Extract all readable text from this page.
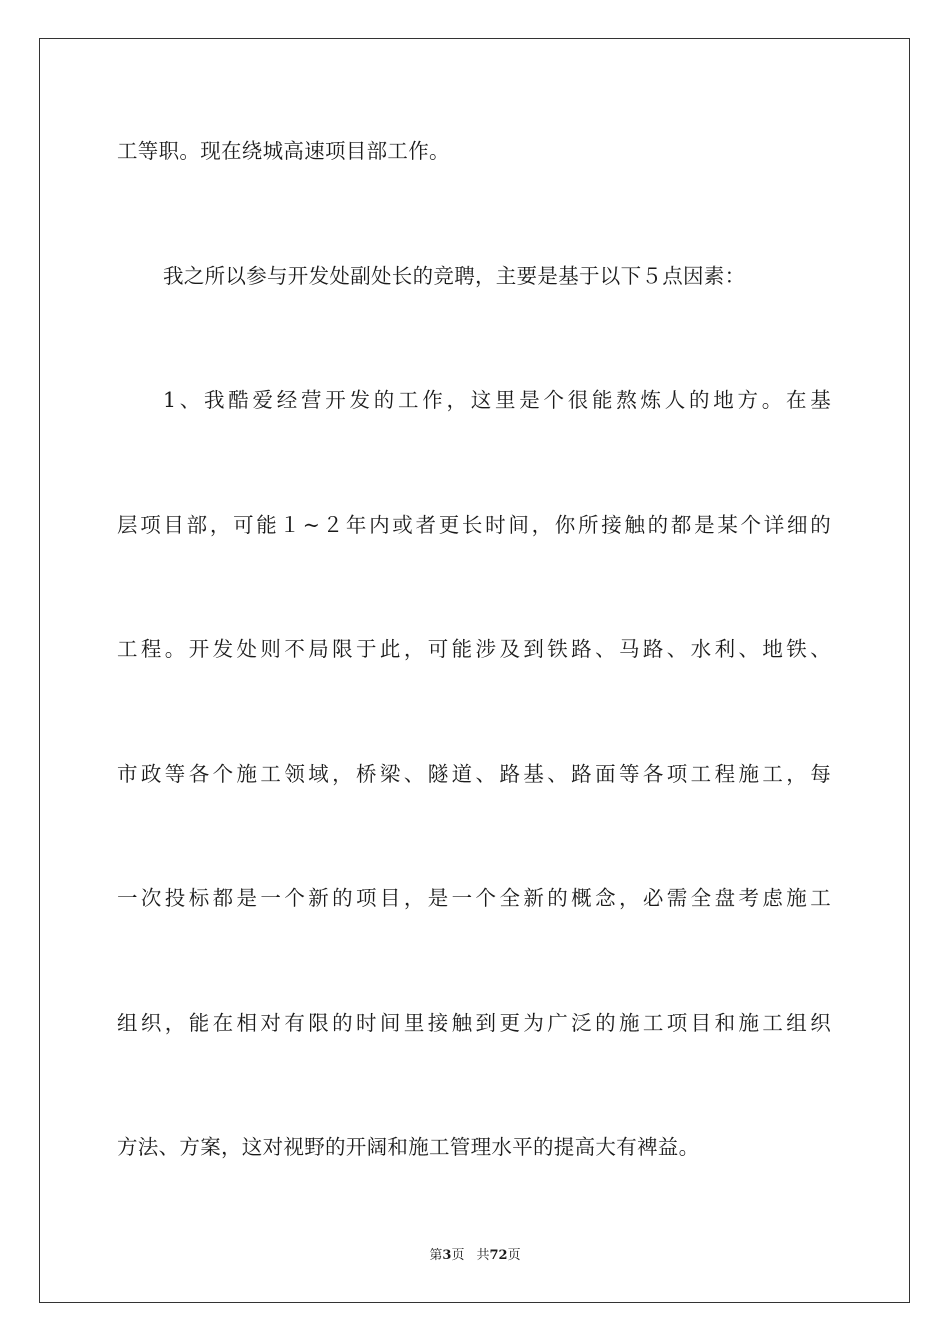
工等职。现在绕城高速项目部工作。
我之所以参与开发处副处长的竞聘，主要是基于以下５点因素：
1、我酷爱经营开发的工作，这里是个很能熬炼人的地方。在基
层项目部，可能１~２年内或者更长时间，你所接触的都是某个详细的
工程。开发处则不局限于此，可能涉及到铁路、马路、水利、地铁、
市政等各个施工领域，桥梁、隧道、路基、路面等各项工程施工，每
一次投标都是一个新的项目，是一个全新的概念，必需全盘考虑施工
组织，能在相对有限的时间里接触到更为广泛的施工项目和施工组织
方法、方案，这对视野的开阔和施工管理水平的提高大有裨益。
第3页 共72页
